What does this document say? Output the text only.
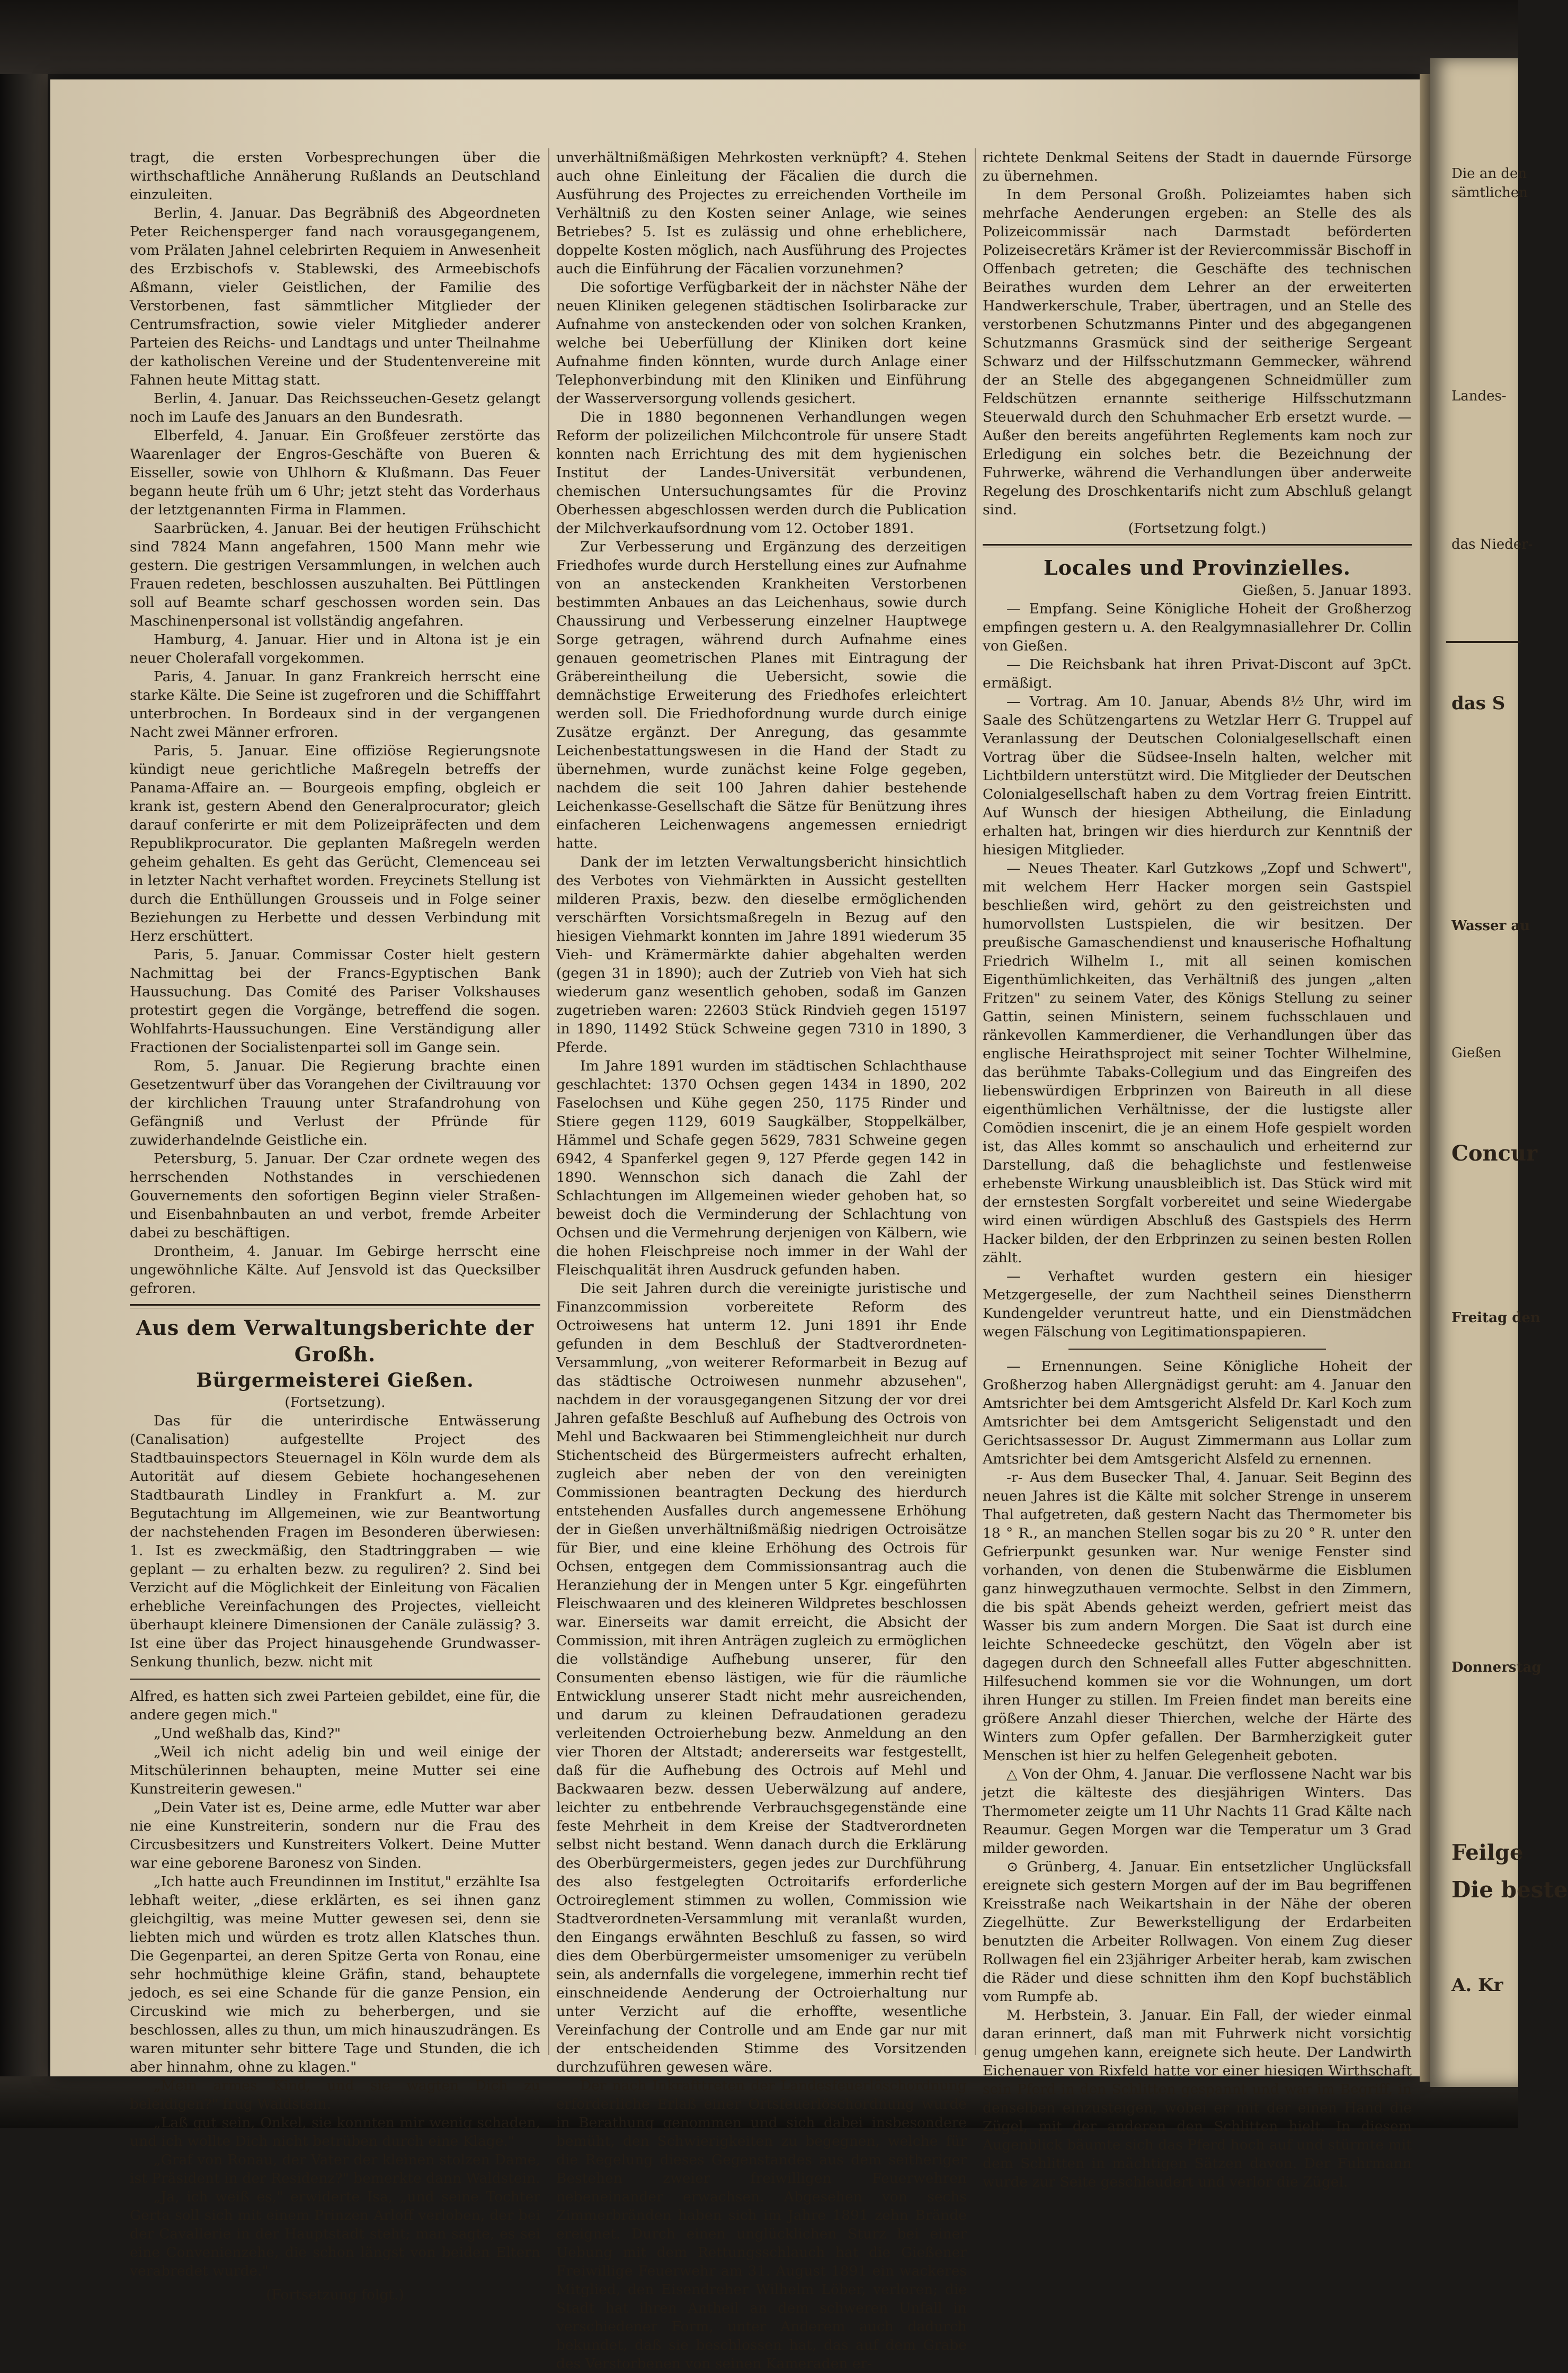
tragt, die ersten Vorbesprechungen über die wirthschaftliche Annäherung Rußlands an Deutschland einzuleiten.

Berlin, 4. Januar. Das Begräbniß des Abgeordneten Peter Reichensperger fand nach vorausgegangenem, vom Prälaten Jahnel celebrirten Requiem in Anwesenheit des Erzbischofs v. Stablewski, des Armeebischofs Aßmann, vieler Geistlichen, der Familie des Verstorbenen, fast sämmtlicher Mitglieder der Centrumsfraction, sowie vieler Mitglieder anderer Parteien des Reichs- und Landtags und unter Theilnahme der katholischen Vereine und der Studentenvereine mit Fahnen heute Mittag statt.

Berlin, 4. Januar. Das Reichsseuchen-Gesetz gelangt noch im Laufe des Januars an den Bundesrath.

Elberfeld, 4. Januar. Ein Großfeuer zerstörte das Waarenlager der Engros-Geschäfte von Bueren & Eisseller, sowie von Uhlhorn & Klußmann. Das Feuer begann heute früh um 6 Uhr; jetzt steht das Vorderhaus der letztgenannten Firma in Flammen.

Saarbrücken, 4. Januar. Bei der heutigen Frühschicht sind 7824 Mann angefahren, 1500 Mann mehr wie gestern. Die gestrigen Versammlungen, in welchen auch Frauen redeten, beschlossen auszuhalten. Bei Püttlingen soll auf Beamte scharf geschossen worden sein. Das Maschinenpersonal ist vollständig angefahren.

Hamburg, 4. Januar. Hier und in Altona ist je ein neuer Cholerafall vorgekommen.

Paris, 4. Januar. In ganz Frankreich herrscht eine starke Kälte. Die Seine ist zugefroren und die Schifffahrt unterbrochen. In Bordeaux sind in der vergangenen Nacht zwei Männer erfroren.

Paris, 5. Januar. Eine offiziöse Regierungsnote kündigt neue gerichtliche Maßregeln betreffs der Panama-Affaire an. — Bourgeois empfing, obgleich er krank ist, gestern Abend den Generalprocurator; gleich darauf conferirte er mit dem Polizeipräfecten und dem Republikprocurator. Die geplanten Maßregeln werden geheim gehalten. Es geht das Gerücht, Clemenceau sei in letzter Nacht verhaftet worden. Freycinets Stellung ist durch die Enthüllungen Grousseis und in Folge seiner Beziehungen zu Herbette und dessen Verbindung mit Herz erschüttert.

Paris, 5. Januar. Commissar Coster hielt gestern Nachmittag bei der Francs-Egyptischen Bank Haussuchung. Das Comité des Pariser Volkshauses protestirt gegen die Vorgänge, betreffend die sogen. Wohlfahrts-Haussuchungen. Eine Verständigung aller Fractionen der Socialistenpartei soll im Gange sein.

Rom, 5. Januar. Die Regierung brachte einen Gesetzentwurf über das Vorangehen der Civiltrauung vor der kirchlichen Trauung unter Strafandrohung von Gefängniß und Verlust der Pfründe für zuwiderhandelnde Geistliche ein.

Petersburg, 5. Januar. Der Czar ordnete wegen des herrschenden Nothstandes in verschiedenen Gouvernements den sofortigen Beginn vieler Straßen- und Eisenbahnbauten an und verbot, fremde Arbeiter dabei zu beschäftigen.

Drontheim, 4. Januar. Im Gebirge herrscht eine ungewöhnliche Kälte. Auf Jensvold ist das Quecksilber gefroren.

Aus dem Verwaltungsberichte der Großh.

Bürgermeisterei Gießen.

(Fortsetzung).

Das für die unterirdische Entwässerung (Canalisation) aufgestellte Project des Stadtbauinspectors Steuernagel in Köln wurde dem als Autorität auf diesem Gebiete hochangesehenen Stadtbaurath Lindley in Frankfurt a. M. zur Begutachtung im Allgemeinen, wie zur Beantwortung der nachstehenden Fragen im Besonderen überwiesen: 1. Ist es zweckmäßig, den Stadtringgraben — wie geplant — zu erhalten bezw. zu reguliren? 2. Sind bei Verzicht auf die Möglichkeit der Einleitung von Fäcalien erhebliche Vereinfachungen des Projectes, vielleicht überhaupt kleinere Dimensionen der Canäle zulässig? 3. Ist eine über das Project hinausgehende Grundwasser-Senkung thunlich, bezw. nicht mit

Alfred, es hatten sich zwei Parteien gebildet, eine für, die andere gegen mich."

„Und weßhalb das, Kind?"

„Weil ich nicht adelig bin und weil einige der Mitschülerinnen behaupten, meine Mutter sei eine Kunstreiterin gewesen."

„Dein Vater ist es, Deine arme, edle Mutter war aber nie eine Kunstreiterin, sondern nur die Frau des Circusbesitzers und Kunstreiters Volkert. Deine Mutter war eine geborene Baronesz von Sinden.

„Ich hatte auch Freundinnen im Institut," erzählte Isa lebhaft weiter, „diese erklärten, es sei ihnen ganz gleichgiltig, was meine Mutter gewesen sei, denn sie liebten mich und würden es trotz allen Klatsches thun. Die Gegenpartei, an deren Spitze Gerta von Ronau, eine sehr hochmüthige kleine Gräfin, stand, behauptete jedoch, es sei eine Schande für die ganze Pension, ein Circuskind wie mich zu beherbergen, und sie beschlossen, alles zu thun, um mich hinauszudrängen. Es waren mitunter sehr bittere Tage und Stunden, die ich aber hinnahm, ohne zu klagen."

„Mein armes Kind, und sie wagten Dich zu beleidigen?" frug Waldstein.

„Laß gut sein, Onkel, sie konnten mir wenig schaden, und ich wollte Dich nicht betrüben durch eine Klage."

„Graf von Ronau, der Vater der kleinen stolzen Dame, ist Präsident in der Residenz?" bemerkte dann Waldstein.

„Ja, ich weiß es," erwiderte Isa, „und seine Tochter Gerta soll sich mit einem Prinzen Arloff verloben, der bei der Cavallerie in der Hauptstadt steht; man sagte, es sei eine Convenienzehe, die schon längst von beiden Eltern verabredet wurde."

(Fortsetzung folgt.)

unverhältnißmäßigen Mehrkosten verknüpft? 4. Stehen auch ohne Einleitung der Fäcalien die durch die Ausführung des Projectes zu erreichenden Vortheile im Verhältniß zu den Kosten seiner Anlage, wie seines Betriebes? 5. Ist es zulässig und ohne erheblichere, doppelte Kosten möglich, nach Ausführung des Projectes auch die Einführung der Fäcalien vorzunehmen?

Die sofortige Verfügbarkeit der in nächster Nähe der neuen Kliniken gelegenen städtischen Isolirbaracke zur Aufnahme von ansteckenden oder von solchen Kranken, welche bei Ueberfüllung der Kliniken dort keine Aufnahme finden könnten, wurde durch Anlage einer Telephonverbindung mit den Kliniken und Einführung der Wasserversorgung vollends gesichert.

Die in 1880 begonnenen Verhandlungen wegen Reform der polizeilichen Milchcontrole für unsere Stadt konnten nach Errichtung des mit dem hygienischen Institut der Landes-Universität verbundenen, chemischen Untersuchungsamtes für die Provinz Oberhessen abgeschlossen werden durch die Publication der Milchverkaufsordnung vom 12. October 1891.

Zur Verbesserung und Ergänzung des derzeitigen Friedhofes wurde durch Herstellung eines zur Aufnahme von an ansteckenden Krankheiten Verstorbenen bestimmten Anbaues an das Leichenhaus, sowie durch Chaussirung und Verbesserung einzelner Hauptwege Sorge getragen, während durch Aufnahme eines genauen geometrischen Planes mit Eintragung der Gräbereintheilung die Uebersicht, sowie die demnächstige Erweiterung des Friedhofes erleichtert werden soll. Die Friedhofordnung wurde durch einige Zusätze ergänzt. Der Anregung, das gesammte Leichenbestattungswesen in die Hand der Stadt zu übernehmen, wurde zunächst keine Folge gegeben, nachdem die seit 100 Jahren dahier bestehende Leichenkasse-Gesellschaft die Sätze für Benützung ihres einfacheren Leichenwagens angemessen erniedrigt hatte.

Dank der im letzten Verwaltungsbericht hinsichtlich des Verbotes von Viehmärkten in Aussicht gestellten milderen Praxis, bezw. den dieselbe ermöglichenden verschärften Vorsichtsmaßregeln in Bezug auf den hiesigen Viehmarkt konnten im Jahre 1891 wiederum 35 Vieh- und Krämermärkte dahier abgehalten werden (gegen 31 in 1890); auch der Zutrieb von Vieh hat sich wiederum ganz wesentlich gehoben, sodaß im Ganzen zugetrieben waren: 22603 Stück Rindvieh gegen 15197 in 1890, 11492 Stück Schweine gegen 7310 in 1890, 3 Pferde.

Im Jahre 1891 wurden im städtischen Schlachthause geschlachtet: 1370 Ochsen gegen 1434 in 1890, 202 Faselochsen und Kühe gegen 250, 1175 Rinder und Stiere gegen 1129, 6019 Saugkälber, Stoppelkälber, Hämmel und Schafe gegen 5629, 7831 Schweine gegen 6942, 4 Spanferkel gegen 9, 127 Pferde gegen 142 in 1890. Wennschon sich danach die Zahl der Schlachtungen im Allgemeinen wieder gehoben hat, so beweist doch die Verminderung der Schlachtung von Ochsen und die Vermehrung derjenigen von Kälbern, wie die hohen Fleischpreise noch immer in der Wahl der Fleischqualität ihren Ausdruck gefunden haben.

Die seit Jahren durch die vereinigte juristische und Finanzcommission vorbereitete Reform des Octroiwesens hat unterm 12. Juni 1891 ihr Ende gefunden in dem Beschluß der Stadtverordneten-Versammlung, „von weiterer Reformarbeit in Bezug auf das städtische Octroiwesen nunmehr abzusehen", nachdem in der vorausgegangenen Sitzung der vor drei Jahren gefaßte Beschluß auf Aufhebung des Octrois von Mehl und Backwaaren bei Stimmengleichheit nur durch Stichentscheid des Bürgermeisters aufrecht erhalten, zugleich aber neben der von den vereinigten Commissionen beantragten Deckung des hierdurch entstehenden Ausfalles durch angemessene Erhöhung der in Gießen unverhältnißmäßig niedrigen Octroisätze für Bier, und eine kleine Erhöhung des Octrois für Ochsen, entgegen dem Commissionsantrag auch die Heranziehung der in Mengen unter 5 Kgr. eingeführten Fleischwaaren und des kleineren Wildpretes beschlossen war. Einerseits war damit erreicht, die Absicht der Commission, mit ihren Anträgen zugleich zu ermöglichen die vollständige Aufhebung unserer, für den Consumenten ebenso lästigen, wie für die räumliche Entwicklung unserer Stadt nicht mehr ausreichenden, und darum zu kleinen Defraudationen geradezu verleitenden Octroierhebung bezw. Anmeldung an den vier Thoren der Altstadt; andererseits war festgestellt, daß für die Aufhebung des Octrois auf Mehl und Backwaaren bezw. dessen Ueberwälzung auf andere, leichter zu entbehrende Verbrauchsgegenstände eine feste Mehrheit in dem Kreise der Stadtverordneten selbst nicht bestand. Wenn danach durch die Erklärung des Oberbürgermeisters, gegen jedes zur Durchführung des also festgelegten Octroitarifs erforderliche Octroireglement stimmen zu wollen, Commission wie Stadtverordneten-Versammlung mit veranlaßt wurden, den Eingangs erwähnten Beschluß zu fassen, so wird dies dem Oberbürgermeister umsomeniger zu verübeln sein, als andernfalls die vorgelegene, immerhin recht tief einschneidende Aenderung der Octroierhaltung nur unter Verzicht auf die erhoffte, wesentliche Vereinfachung der Controlle und am Ende gar nur mit der entscheidenden Stimme des Vorsitzenden durchzuführen gewesen wäre.

Der nach Inkrafttreten der Landesfeuerlöschordnung erforderliche Erlaß einer Ortsfeuerlöschordnung wurde in Berathung genommen und sich dabei insbesondere bemüht, den Schwierigkeiten zu begegnen, welche für die Regelung dieses Gegenstandes aus dem seitheriger Bestehen zweier freiwilligen Feuerwehren nebeneinander erwachsen. Abgesehen von sechs Zimmerbränden haben sich im Jahre 1891 zehn Brände ereignet. Durch einen unglücklichen Sturz bei einer Uebung mit dem Rettungsschlauch hat die Gießener Freiwillige Feuerwehr am 31. August 1891 ein wackeres Mitglied, den Eisendreher Wilhelm Löber, verloren; die Stadt hat ihren Antheil an dem schweren Unfall in verschiedener Form, unter Anderem auch dadurch bekundet, daß sie beschlossen hat, das auf dem Grabe des Verstorbenen von seinen Kameraden er-

richtete Denkmal Seitens der Stadt in dauernde Fürsorge zu übernehmen.

In dem Personal Großh. Polizeiamtes haben sich mehrfache Aenderungen ergeben: an Stelle des als Polizeicommissär nach Darmstadt beförderten Polizeisecretärs Krämer ist der Reviercommissär Bischoff in Offenbach getreten; die Geschäfte des technischen Beirathes wurden dem Lehrer an der erweiterten Handwerkerschule, Traber, übertragen, und an Stelle des verstorbenen Schutzmanns Pinter und des abgegangenen Schutzmanns Grasmück sind der seitherige Sergeant Schwarz und der Hilfsschutzmann Gemmecker, während der an Stelle des abgegangenen Schneidmüller zum Feldschützen ernannte seitherige Hilfsschutzmann Steuerwald durch den Schuhmacher Erb ersetzt wurde. — Außer den bereits angeführten Reglements kam noch zur Erledigung ein solches betr. die Bezeichnung der Fuhrwerke, während die Verhandlungen über anderweite Regelung des Droschkentarifs nicht zum Abschluß gelangt sind.

(Fortsetzung folgt.)

Locales und Provinzielles.

Gießen, 5. Januar 1893.

— Empfang. Seine Königliche Hoheit der Großherzog empfingen gestern u. A. den Realgymnasiallehrer Dr. Collin von Gießen.

— Die Reichsbank hat ihren Privat-Discont auf 3pCt. ermäßigt.

— Vortrag. Am 10. Januar, Abends 8½ Uhr, wird im Saale des Schützengartens zu Wetzlar Herr G. Truppel auf Veranlassung der Deutschen Colonialgesellschaft einen Vortrag über die Südsee-Inseln halten, welcher mit Lichtbildern unterstützt wird. Die Mitglieder der Deutschen Colonialgesellschaft haben zu dem Vortrag freien Eintritt. Auf Wunsch der hiesigen Abtheilung, die Einladung erhalten hat, bringen wir dies hierdurch zur Kenntniß der hiesigen Mitglieder.

— Neues Theater. Karl Gutzkows „Zopf und Schwert", mit welchem Herr Hacker morgen sein Gastspiel beschließen wird, gehört zu den geistreichsten und humorvollsten Lustspielen, die wir besitzen. Der preußische Gamaschendienst und knauserische Hofhaltung Friedrich Wilhelm I., mit all seinen komischen Eigenthümlichkeiten, das Verhältniß des jungen „alten Fritzen" zu seinem Vater, des Königs Stellung zu seiner Gattin, seinen Ministern, seinem fuchsschlauen und ränkevollen Kammerdiener, die Verhandlungen über das englische Heirathsproject mit seiner Tochter Wilhelmine, das berühmte Tabaks-Collegium und das Eingreifen des liebenswürdigen Erbprinzen von Baireuth in all diese eigenthümlichen Verhältnisse, der die lustigste aller Comödien inscenirt, die je an einem Hofe gespielt worden ist, das Alles kommt so anschaulich und erheiternd zur Darstellung, daß die behaglichste und festlenweise erhebenste Wirkung unausbleiblich ist. Das Stück wird mit der ernstesten Sorgfalt vorbereitet und seine Wiedergabe wird einen würdigen Abschluß des Gastspiels des Herrn Hacker bilden, der den Erbprinzen zu seinen besten Rollen zählt.

— Verhaftet wurden gestern ein hiesiger Metzgergeselle, der zum Nachtheil seines Dienstherrn Kundengelder veruntreut hatte, und ein Dienstmädchen wegen Fälschung von Legitimationspapieren.

— Ernennungen. Seine Königliche Hoheit der Großherzog haben Allergnädigst geruht: am 4. Januar den Amtsrichter bei dem Amtsgericht Alsfeld Dr. Karl Koch zum Amtsrichter bei dem Amtsgericht Seligenstadt und den Gerichtsassessor Dr. August Zimmermann aus Lollar zum Amtsrichter bei dem Amtsgericht Alsfeld zu ernennen.

-r- Aus dem Busecker Thal, 4. Januar. Seit Beginn des neuen Jahres ist die Kälte mit solcher Strenge in unserem Thal aufgetreten, daß gestern Nacht das Thermometer bis 18 ° R., an manchen Stellen sogar bis zu 20 ° R. unter den Gefrierpunkt gesunken war. Nur wenige Fenster sind vorhanden, von denen die Stubenwärme die Eisblumen ganz hinwegzuthauen vermochte. Selbst in den Zimmern, die bis spät Abends geheizt werden, gefriert meist das Wasser bis zum andern Morgen. Die Saat ist durch eine leichte Schneedecke geschützt, den Vögeln aber ist dagegen durch den Schneefall alles Futter abgeschnitten. Hilfesuchend kommen sie vor die Wohnungen, um dort ihren Hunger zu stillen. Im Freien findet man bereits eine größere Anzahl dieser Thierchen, welche der Härte des Winters zum Opfer gefallen. Der Barmherzigkeit guter Menschen ist hier zu helfen Gelegenheit geboten.

△ Von der Ohm, 4. Januar. Die verflossene Nacht war bis jetzt die kälteste des diesjährigen Winters. Das Thermometer zeigte um 11 Uhr Nachts 11 Grad Kälte nach Reaumur. Gegen Morgen war die Temperatur um 3 Grad milder geworden.

⊙ Grünberg, 4. Januar. Ein entsetzlicher Unglücksfall ereignete sich gestern Morgen auf der im Bau begriffenen Kreisstraße nach Weikartshain in der Nähe der oberen Ziegelhütte. Zur Bewerkstelligung der Erdarbeiten benutzten die Arbeiter Rollwagen. Von einem Zug dieser Rollwagen fiel ein 23jähriger Arbeiter herab, kam zwischen die Räder und diese schnitten ihm den Kopf buchstäblich vom Rumpfe ab.

M. Herbstein, 3. Januar. Ein Fall, der wieder einmal daran erinnert, daß man mit Fuhrwerk nicht vorsichtig genug umgehen kann, ereignete sich heute. Der Landwirth Eichenauer von Rixfeld hatte vor einer hiesigen Wirthschaft sein Pferd in den Schlitten gespannt und war im Begriff, in denselben einzusteigen, wobei er mit der einen Hand die Zügel, mit der anderen den Schlitten hielt. In diesem Augenblick bäumte sich das Pferd hoch auf und stürmte mit dem Schlitten in mächtigen Sätzen davon. Der Fuhrmann wurde zur Seite geschleudert und verlor die Zügel.

Die an den
sämtlichen
Landes-
das Nieder-
das S
Wasser au
Gießen
Concur
Freitag den
Donnerstag
Feilge
Die beste
A. Kr
